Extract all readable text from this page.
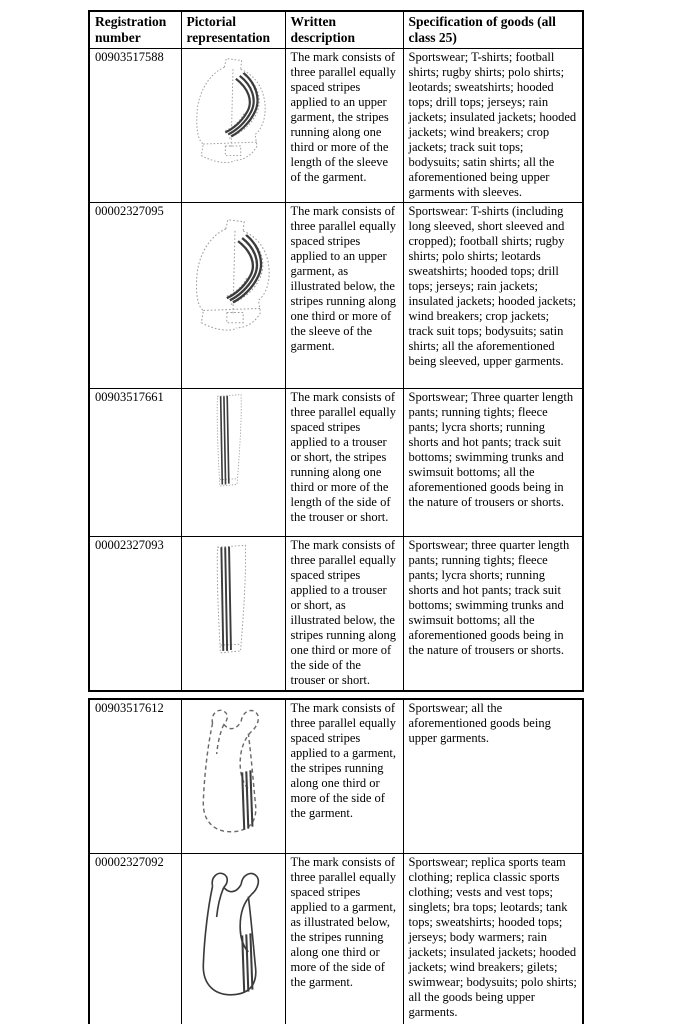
Registration number	Pictorial representation	Written description	Specification of goods (all class 25)
00903517588		The mark consists of three parallel equally spaced stripes applied to an upper garment, the stripes running along one third or more of the length of the sleeve of the garment.	Sportswear; T-shirts; football shirts; rugby shirts; polo shirts; leotards; sweatshirts; hooded tops; drill tops; jerseys; rain jackets; insulated jackets; hooded jackets; wind breakers; crop jackets; track suit tops; bodysuits; satin shirts; all the aforementioned being upper garments with sleeves.
00002327095		The mark consists of three parallel equally spaced stripes applied to an upper garment, as illustrated below, the stripes running along one third or more of the sleeve of the garment.	Sportswear: T-shirts (including long sleeved, short sleeved and cropped); football shirts; rugby shirts; polo shirts; leotards sweatshirts; hooded tops; drill tops; jerseys; rain jackets; insulated jackets; hooded jackets; wind breakers; crop jackets; track suit tops; bodysuits; satin shirts; all the aforementioned being sleeved, upper garments.
00903517661		The mark consists of three parallel equally spaced stripes applied to a trouser or short, the stripes running along one third or more of the length of the side of the trouser or short.	Sportswear; Three quarter length pants; running tights; fleece pants; lycra shorts; running shorts and hot pants; track suit bottoms; swimming trunks and swimsuit bottoms; all the aforementioned goods being in the nature of trousers or shorts.
00002327093		The mark consists of three parallel equally spaced stripes applied to a trouser or short, as illustrated below, the stripes running along one third or more of the side of the trouser or short.	Sportswear; three quarter length pants; running tights; fleece pants; lycra shorts; running shorts and hot pants; track suit bottoms; swimming trunks and swimsuit bottoms; all the aforementioned goods being in the nature of trousers or shorts.
00903517612		The mark consists of three parallel equally spaced stripes applied to a garment, the stripes running along one third or more of the side of the garment.	Sportswear; all the aforementioned goods being upper garments.
00002327092		The mark consists of three parallel equally spaced stripes applied to a garment, as illustrated below, the stripes running along one third or more of the side of the garment.	Sportswear; replica sports team clothing; replica classic sports clothing; vests and vest tops; singlets; bra tops; leotards; tank tops; sweatshirts; hooded tops; jerseys; body warmers; rain jackets; insulated jackets; hooded jackets; wind breakers; gilets; swimwear; bodysuits; polo shirts; all the goods being upper garments.
